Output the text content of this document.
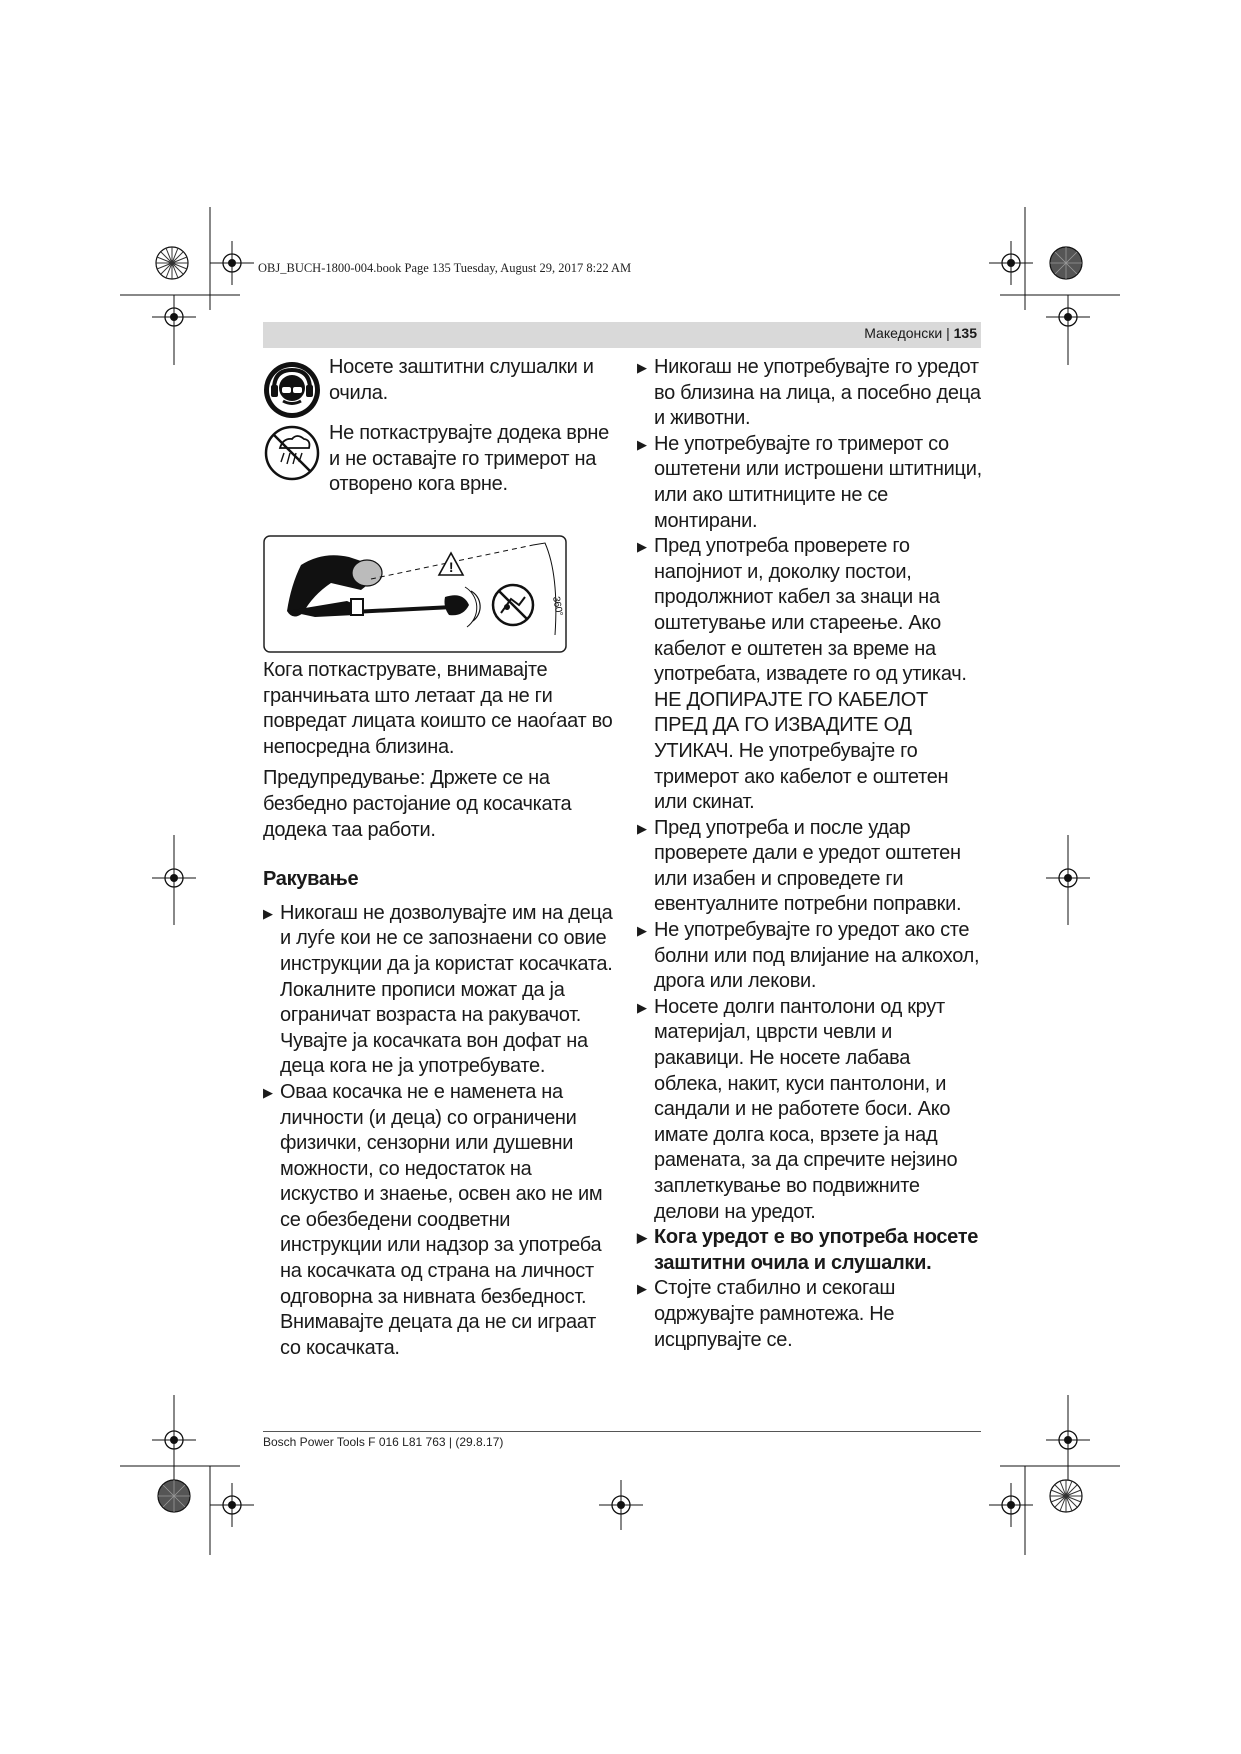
OBJ_BUCH-1800-004.book Page 135 Tuesday, August 29, 2017 8:22 AM
Македонски | 135

Носете заштитни слушалки и очила.

Не поткаструвајте додека врне и не оставајте го тримерот на отворено кога врне.

!
360°

Кога поткаструвате, внимавајте гранчињата што летаат да не ги повредат лицата коишто се наоѓаат во непосредна близина.

Предупредување: Држете се на безбедно растојание од косачката додека таа работи.

Ракување

▶ Никогаш не дозволувајте им на деца и луѓе кои не се запознаени со овие инструкции да ја користат косачката. Локалните прописи можат да ја ограничат возраста на ракувачот. Чувајте ја косачката вон дофат на деца кога не ја употребувате.

▶ Оваа косачка не е наменета на личности (и деца) со ограничени физички, сензорни или душевни можности, со недостаток на искуство и знаење, освен ако не им се обезбедени соодветни инструкции или надзор за употреба на косачката од страна на личност одговорна за нивната безбедност. Внимавајте децата да не си играат со косачката.

▶ Никогаш не употребувајте го уредот во близина на лица, а посебно деца и животни.

▶ Не употребувајте го тримерот со оштетени или истрошени штитници, или ако штитниците не се монтирани.

▶ Пред употреба проверете го напојниот и, доколку постои, продолжниот кабел за знаци на оштетување или стареење. Ако кабелот е оштетен за време на употребата, извадете го од утикач. НЕ ДОПИРАЈТЕ ГО КАБЕЛОТ ПРЕД ДА ГО ИЗВАДИТЕ ОД УТИКАЧ. Не употребувајте го тримерот ако кабелот е оштетен или скинат.

▶ Пред употреба и после удар проверете дали е уредот оштетен или изабен и спроведете ги евентуалните потребни поправки.

▶ Не употребувајте го уредот ако сте болни или под влијание на алкохол, дрога или лекови.

▶ Носете долги пантолони од крут материјал, цврсти чевли и ракавици. Не носете лабава облека, накит, куси пантолони, и сандали и не работете боси. Ако имате долга коса, врзете ја над рамената, за да спречите нејзино заплеткување во подвижните делови на уредот.

▶ Кога уредот е во употреба носете заштитни очила и слушалки.

▶ Стојте стабилно и секогаш одржувајте рамнотежа. Не исцрпувајте се.

Bosch Power Tools F 016 L81 763 | (29.8.17)
